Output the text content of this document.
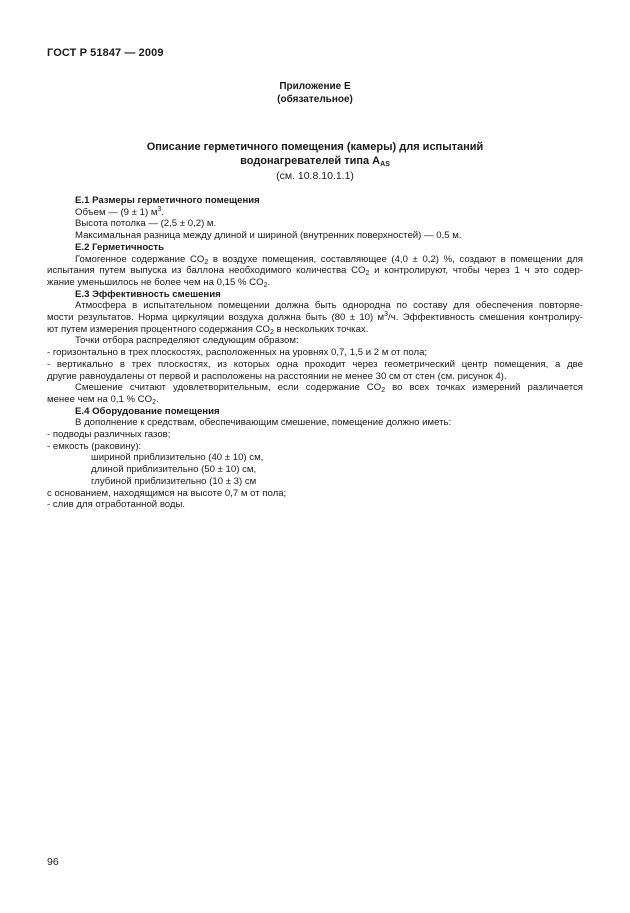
ГОСТ Р 51847 — 2009
Приложение Е
(обязательное)
Описание герметичного помещения (камеры) для испытаний
водонагревателей типа $A_{AS}$
(см. 10.8.10.1.1)

Е.1 Размеры герметичного помещения

Объем — (9 ± 1) $м^3$.

Высота потолка — (2,5 ± 0,2) м.

Максимальная разница между длиной и шириной (внутренних поверхностей) — 0,5 м.

Е.2 Герметичность

Гомогенное содержание $CO_2$ в воздухе помещения, составляющее (4,0 ± 0,2) %, создают в помещении для

испытания путем выпуска из баллона необходимого количества $CO_2$ и контролируют, чтобы через 1 ч это содер-

жание уменьшилось не более чем на 0,15 % $CO_2$.

Е.3 Эффективность смешения

Атмосфера в испытательном помещении должна быть однородна по составу для обеспечения повторяе-

мости результатов. Норма циркуляции воздуха должна быть (80 ± 10) $м^3/ч$. Эффективность смешения контролиру-

ют путем измерения процентного содержания $CO_2$ в нескольких точках.

Точки отбора распределяют следующим образом:

- горизонтально в трех плоскостях, расположенных на уровнях 0,7, 1,5 и 2 м от пола;

- вертикально в трех плоскостях, из которых одна проходит через геометрический центр помещения, а две

другие равноудалены от первой и расположены на расстоянии не менее 30 см от стен (см. рисунок 4).

Смешение считают удовлетворительным, если содержание $CO_2$ во всех точках измерений различается

менее чем на 0,1 % $CO_2$.

Е.4 Оборудование помещения

В дополнение к средствам, обеспечивающим смешение, помещение должно иметь:

- подводы различных газов;

- емкость (раковину):

шириной приблизительно (40 ± 10) см,

длиной приблизительно (50 ± 10) см,

глубиной приблизительно (10 ± 3) см

с основанием, находящимся на высоте 0,7 м от пола;

- слив для отработанной воды.

96
